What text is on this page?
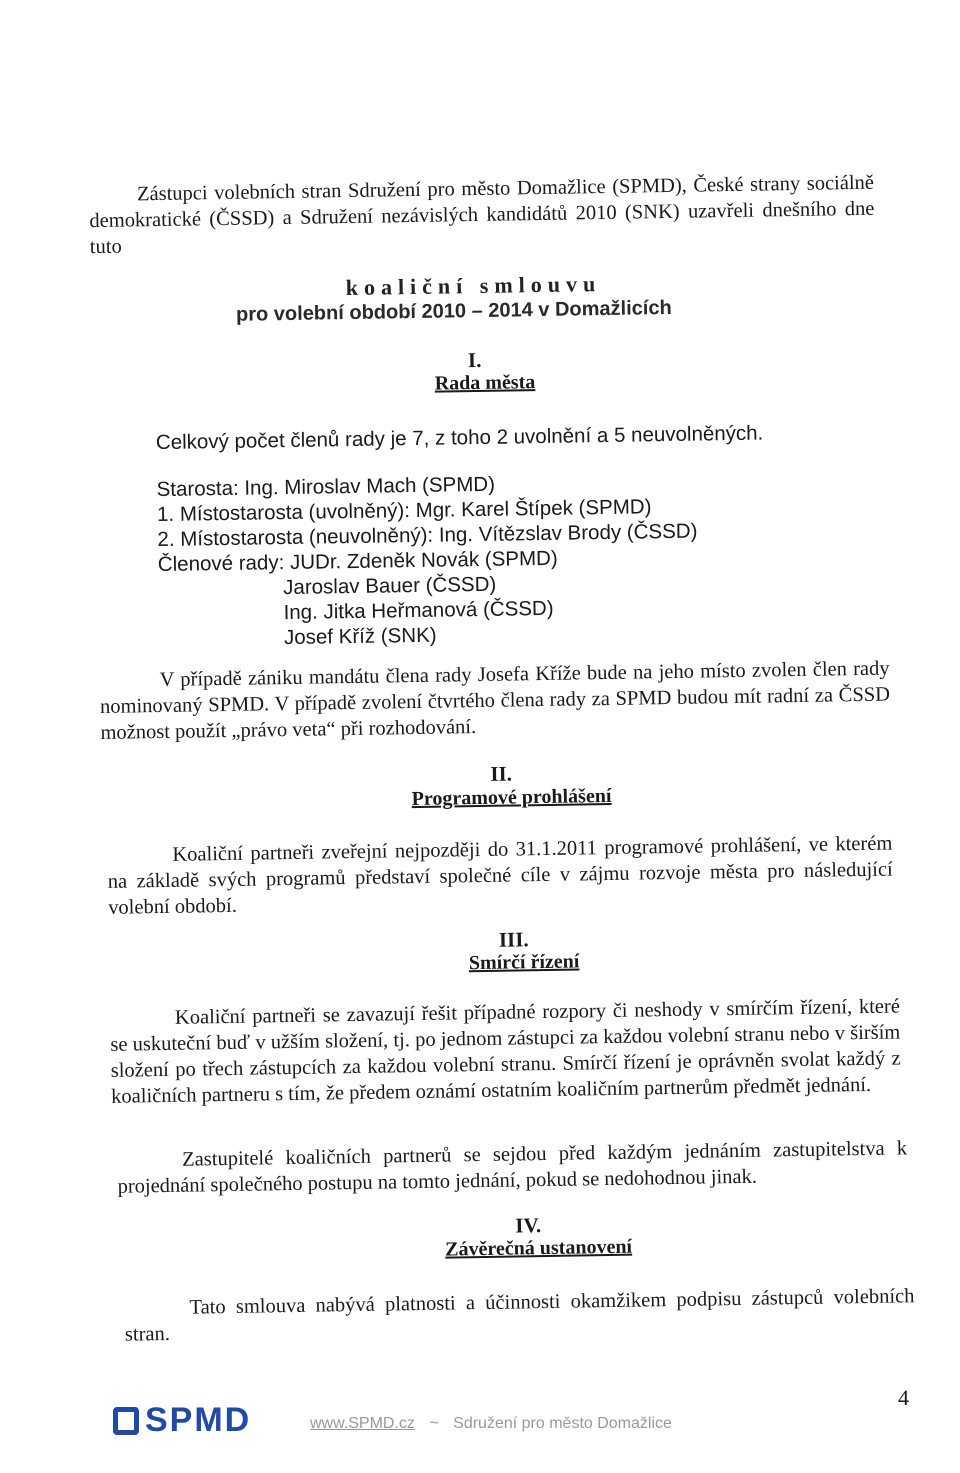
Zástupci volebních stran Sdružení pro město Domažlice (SPMD), České strany sociálně demokratické (ČSSD) a Sdružení nezávislých kandidátů 2010 (SNK) uzavřeli dnešního dne tuto
koaliční smlouvu
pro volební období 2010 – 2014 v Domažlicích
I.
Rada města
Celkový počet členů rady je 7, z toho 2 uvolnění a 5 neuvolněných.
Starosta: Ing. Miroslav Mach (SPMD)
1. Místostarosta (uvolněný): Mgr. Karel Štípek (SPMD)
2. Místostarosta (neuvolněný): Ing. Vítězslav Brody (ČSSD)
Členové rady: JUDr. Zdeněk Novák (SPMD)
Jaroslav Bauer (ČSSD)
Ing. Jitka Heřmanová (ČSSD)
Josef Kříž (SNK)
V případě zániku mandátu člena rady Josefa Kříže bude na jeho místo zvolen člen rady nominovaný SPMD. V případě zvolení čtvrtého člena rady za SPMD budou mít radní za ČSSD možnost použít „právo veta“ při rozhodování.
II.
Programové prohlášení
Koaliční partneři zveřejní nejpozději do 31.1.2011 programové prohlášení, ve kterém na základě svých programů představí společné cíle v zájmu rozvoje města pro následující volební období.
III.
Smírčí řízení
Koaliční partneři se zavazují řešit případné rozpory či neshody v smírčím řízení, které se uskuteční buď v užším složení, tj. po jednom zástupci za každou volební stranu nebo v širším složení po třech zástupcích za každou volební stranu. Smírčí řízení je oprávněn svolat každý z koaličních partneru s tím, že předem oznámí ostatním koaličním partnerům předmět jednání.
Zastupitelé koaličních partnerů se sejdou před každým jednáním zastupitelstva k projednání společného postupu na tomto jednání, pokud se nedohodnou jinak.
IV.
Závěrečná ustanovení
Tato smlouva nabývá platnosti a účinnosti okamžikem podpisu zástupců volebních stran.
SPMD	www.SPMD.cz ~ Sdružení pro město Domažlice
4
